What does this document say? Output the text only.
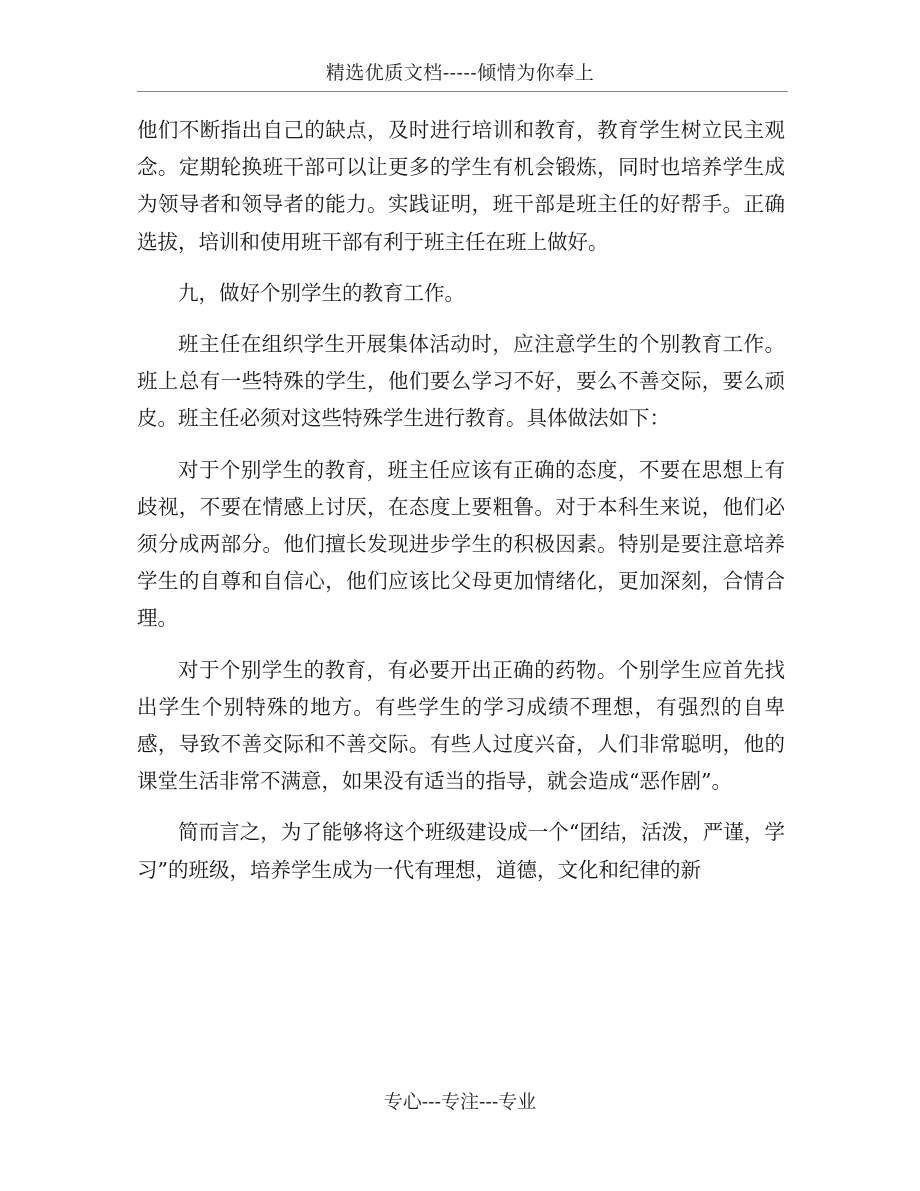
精选优质文档-----倾情为你奉上

他们不断指出自己的缺点，及时进行培训和教育，教育学生树立民主观念。定期轮换班干部可以让更多的学生有机会锻炼，同时也培养学生成为领导者和领导者的能力。实践证明，班干部是班主任的好帮手。正确选拔，培训和使用班干部有利于班主任在班上做好。

九，做好个别学生的教育工作。

班主任在组织学生开展集体活动时，应注意学生的个别教育工作。班上总有一些特殊的学生，他们要么学习不好，要么不善交际，要么顽皮。班主任必须对这些特殊学生进行教育。具体做法如下：

对于个别学生的教育，班主任应该有正确的态度，不要在思想上有歧视，不要在情感上讨厌，在态度上要粗鲁。对于本科生来说，他们必须分成两部分。他们擅长发现进步学生的积极因素。特别是要注意培养学生的自尊和自信心，他们应该比父母更加情绪化，更加深刻，合情合理。

对于个别学生的教育，有必要开出正确的药物。个别学生应首先找出学生个别特殊的地方。有些学生的学习成绩不理想，有强烈的自卑感，导致不善交际和不善交际。有些人过度兴奋，人们非常聪明，他的课堂生活非常不满意，如果没有适当的指导，就会造成“恶作剧”。

简而言之，为了能够将这个班级建设成一个“团结，活泼，严谨，学习”的班级，培养学生成为一代有理想，道德，文化和纪律的新

专心---专注---专业
